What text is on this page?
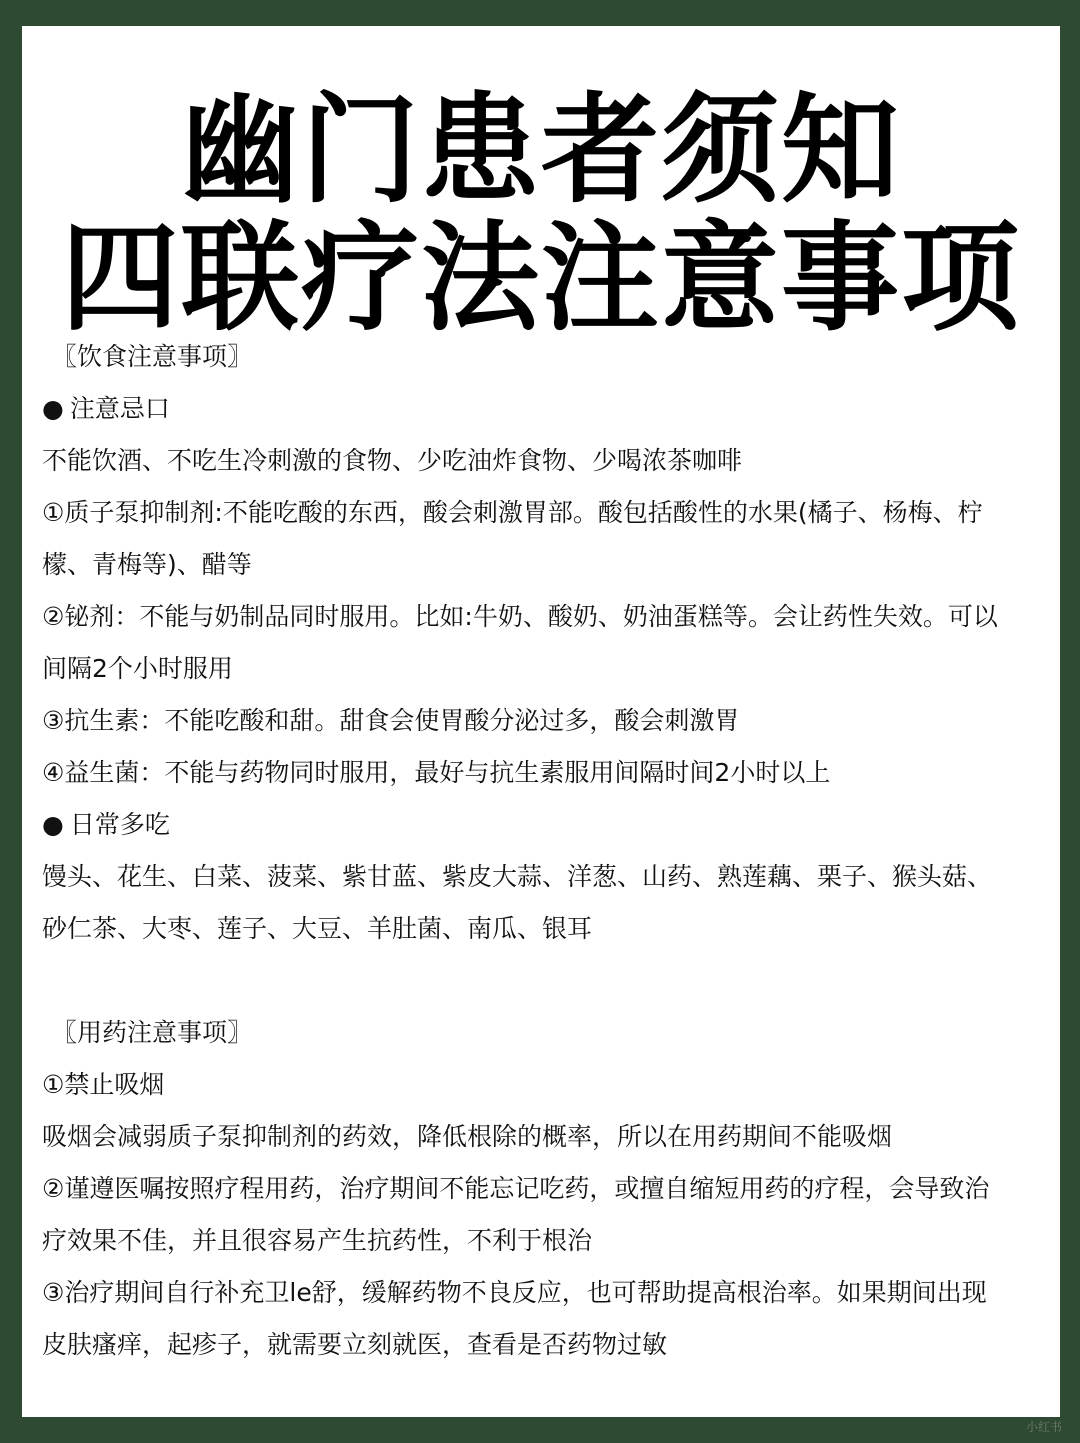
幽门患者须知
四联疗法注意事项
〖饮食注意事项〗
● 注意忌口
不能饮酒、不吃生冷刺激的食物、少吃油炸食物、少喝浓茶咖啡
①质子泵抑制剂:不能吃酸的东西，酸会刺激胃部。酸包括酸性的水果(橘子、杨梅、柠
檬、青梅等)、醋等
②铋剂：不能与奶制品同时服用。比如:牛奶、酸奶、奶油蛋糕等。会让药性失效。可以
间隔2个小时服用
③抗生素：不能吃酸和甜。甜食会使胃酸分泌过多，酸会刺激胃
④益生菌：不能与药物同时服用，最好与抗生素服用间隔时间2小时以上
● 日常多吃
馒头、花生、白菜、菠菜、紫甘蓝、紫皮大蒜、洋葱、山药、熟莲藕、栗子、猴头菇、
砂仁茶、大枣、莲子、大豆、羊肚菌、南瓜、银耳
〖用药注意事项〗
①禁止吸烟
吸烟会减弱质子泵抑制剂的药效，降低根除的概率，所以在用药期间不能吸烟
②谨遵医嘱按照疗程用药，治疗期间不能忘记吃药，或擅自缩短用药的疗程，会导致治
疗效果不佳，并且很容易产生抗药性，不利于根治
③治疗期间自行补充卫le舒，缓解药物不良反应，也可帮助提高根治率。如果期间出现
皮肤瘙痒，起疹子，就需要立刻就医，查看是否药物过敏
小红书
